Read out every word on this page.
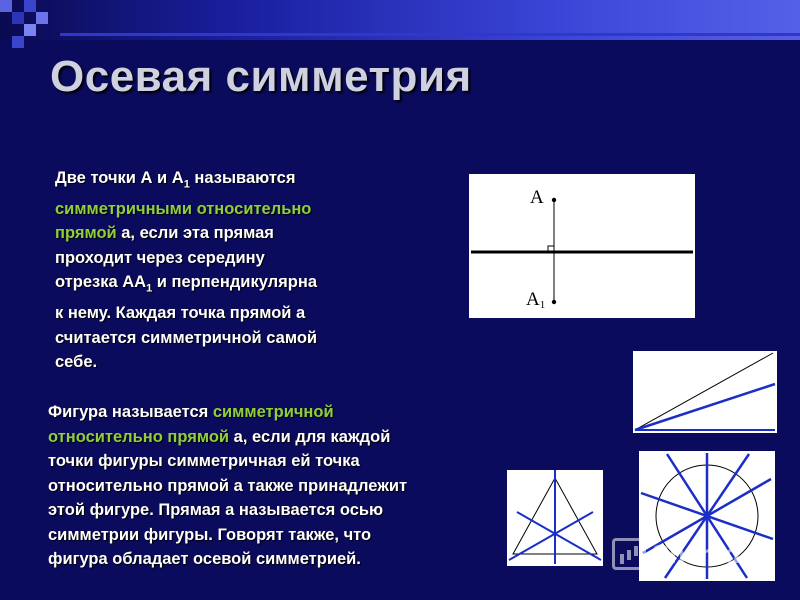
Осевая симметрия
Две точки А и $А_1$ называются
симметричными относительно
прямой а, если эта прямая
проходит через середину
отрезка $АА_1$ и перпендикулярна
к нему. Каждая точка прямой а
считается симметричной самой
себе.
Фигура называется симметричной
относительно прямой а, если для каждой
точки фигуры симметричная ей точка
относительно прямой а также принадлежит
этой фигуре. Прямая а называется осью
симметрии фигуры. Говорят также, что
фигура обладает осевой симметрией.
A
A1
Shared
